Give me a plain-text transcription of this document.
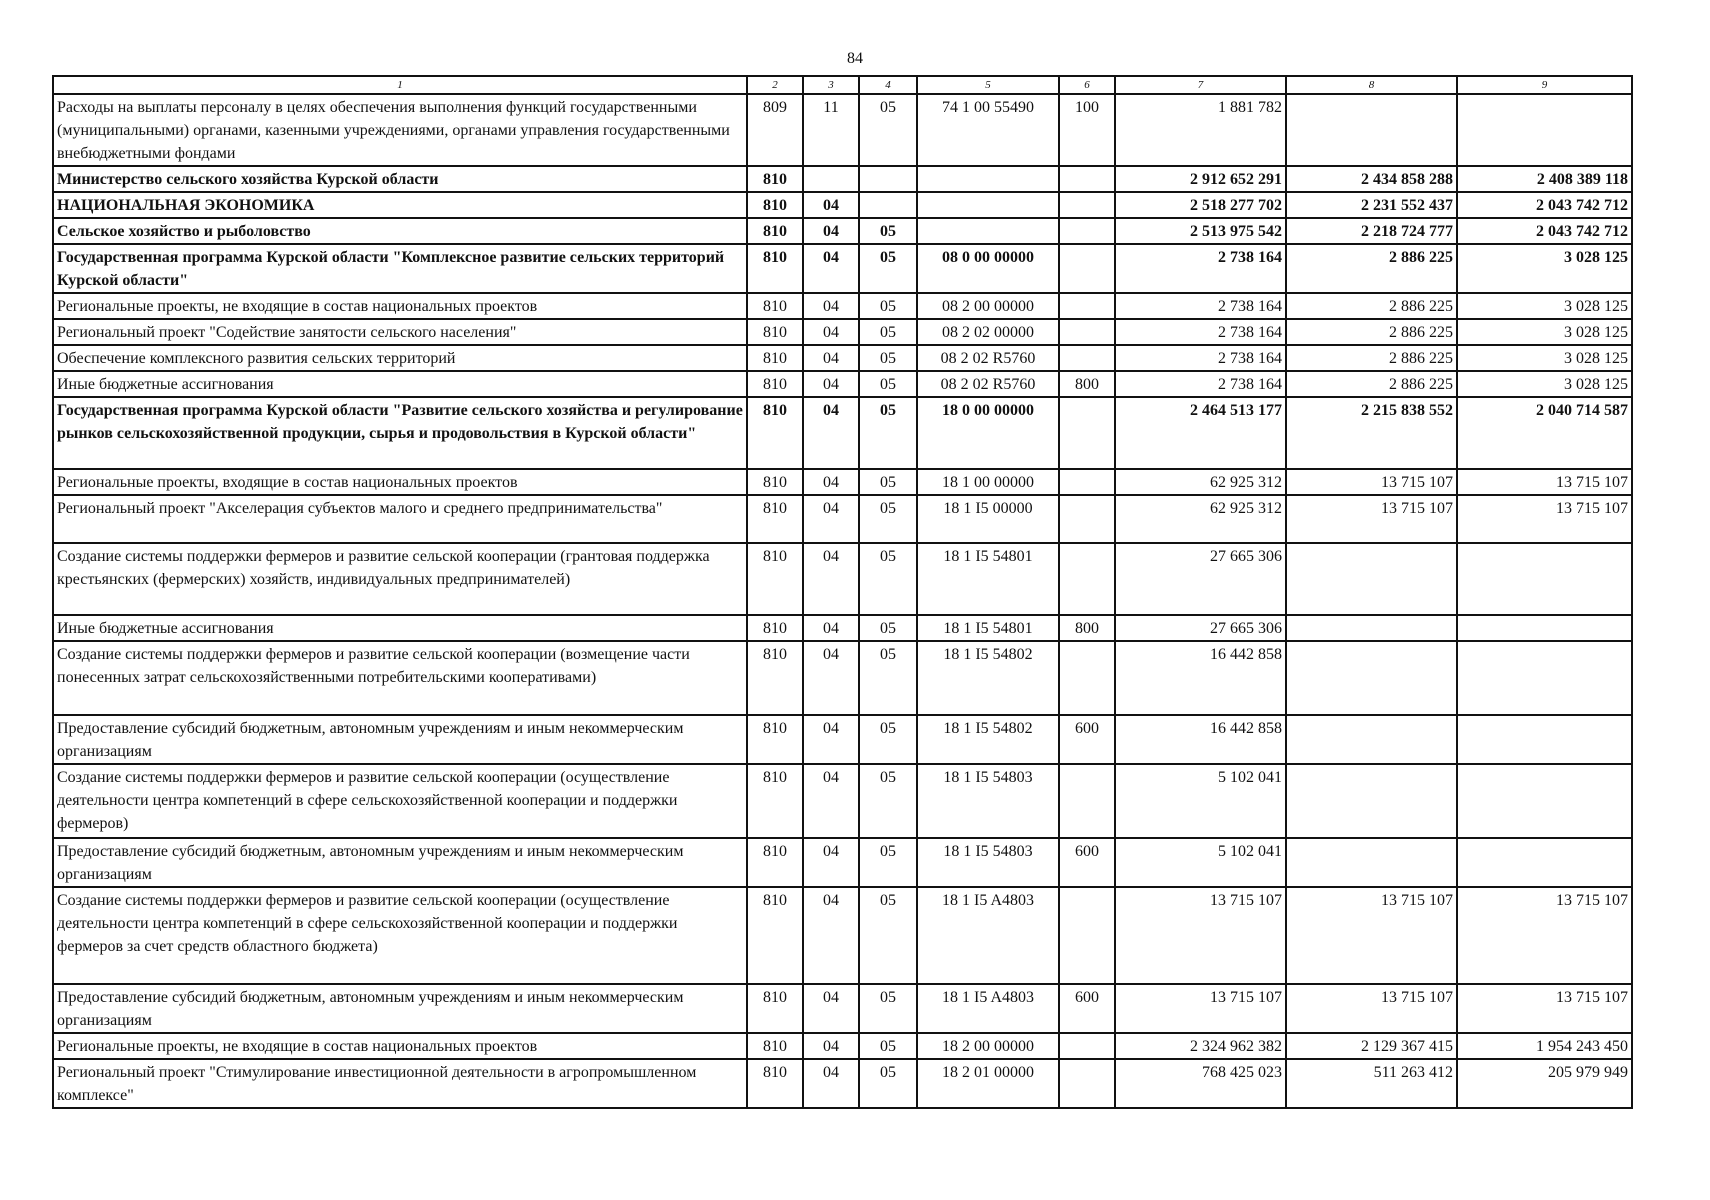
84
1	2	3	4	5	6	7	8	9
Расходы на выплаты персоналу в целях обеспечения выполнения функций государственными (муниципальными) органами, казенными учреждениями, органами управления государственными внебюджетными фондами	809	11	05	74 1 00 55490	100	1 881 782		
Министерство сельского хозяйства Курской области	810					2 912 652 291	2 434 858 288	2 408 389 118
НАЦИОНАЛЬНАЯ ЭКОНОМИКА	810	04				2 518 277 702	2 231 552 437	2 043 742 712
Сельское хозяйство и рыболовство	810	04	05			2 513 975 542	2 218 724 777	2 043 742 712
Государственная программа Курской области "Комплексное развитие сельских территорий Курской области"	810	04	05	08 0 00 00000		2 738 164	2 886 225	3 028 125
Региональные проекты, не входящие в состав национальных проектов	810	04	05	08 2 00 00000		2 738 164	2 886 225	3 028 125
Региональный проект "Содействие занятости сельского населения"	810	04	05	08 2 02 00000		2 738 164	2 886 225	3 028 125
Обеспечение комплексного развития сельских территорий	810	04	05	08 2 02 R5760		2 738 164	2 886 225	3 028 125
Иные бюджетные ассигнования	810	04	05	08 2 02 R5760	800	2 738 164	2 886 225	3 028 125
Государственная программа Курской области "Развитие сельского хозяйства и регулирование рынков сельскохозяйственной продукции, сырья и продовольствия в Курской области"	810	04	05	18 0 00 00000		2 464 513 177	2 215 838 552	2 040 714 587
Региональные проекты, входящие в состав национальных проектов	810	04	05	18 1 00 00000		62 925 312	13 715 107	13 715 107
Региональный проект "Акселерация субъектов малого и среднего предпринимательства"	810	04	05	18 1 I5 00000		62 925 312	13 715 107	13 715 107
Создание системы поддержки фермеров и развитие сельской кооперации (грантовая поддержка крестьянских (фермерских) хозяйств, индивидуальных предпринимателей)	810	04	05	18 1 I5 54801		27 665 306		
Иные бюджетные ассигнования	810	04	05	18 1 I5 54801	800	27 665 306		
Создание системы поддержки фермеров и развитие сельской кооперации (возмещение части понесенных затрат сельскохозяйственными потребительскими кооперативами)	810	04	05	18 1 I5 54802		16 442 858		
Предоставление субсидий бюджетным, автономным учреждениям и иным некоммерческим организациям	810	04	05	18 1 I5 54802	600	16 442 858		
Создание системы поддержки фермеров и развитие сельской кооперации (осуществление деятельности центра компетенций в сфере сельскохозяйственной кооперации и поддержки фермеров)	810	04	05	18 1 I5 54803		5 102 041		
Предоставление субсидий бюджетным, автономным учреждениям и иным некоммерческим организациям	810	04	05	18 1 I5 54803	600	5 102 041		
Создание системы поддержки фермеров и развитие сельской кооперации (осуществление деятельности центра компетенций в сфере сельскохозяйственной кооперации и поддержки фермеров за счет средств областного бюджета)	810	04	05	18 1 I5 A4803		13 715 107	13 715 107	13 715 107
Предоставление субсидий бюджетным, автономным учреждениям и иным некоммерческим организациям	810	04	05	18 1 I5 A4803	600	13 715 107	13 715 107	13 715 107
Региональные проекты, не входящие в состав национальных проектов	810	04	05	18 2 00 00000		2 324 962 382	2 129 367 415	1 954 243 450
Региональный проект "Стимулирование инвестиционной деятельности в агропромышленном комплексе"	810	04	05	18 2 01 00000		768 425 023	511 263 412	205 979 949
